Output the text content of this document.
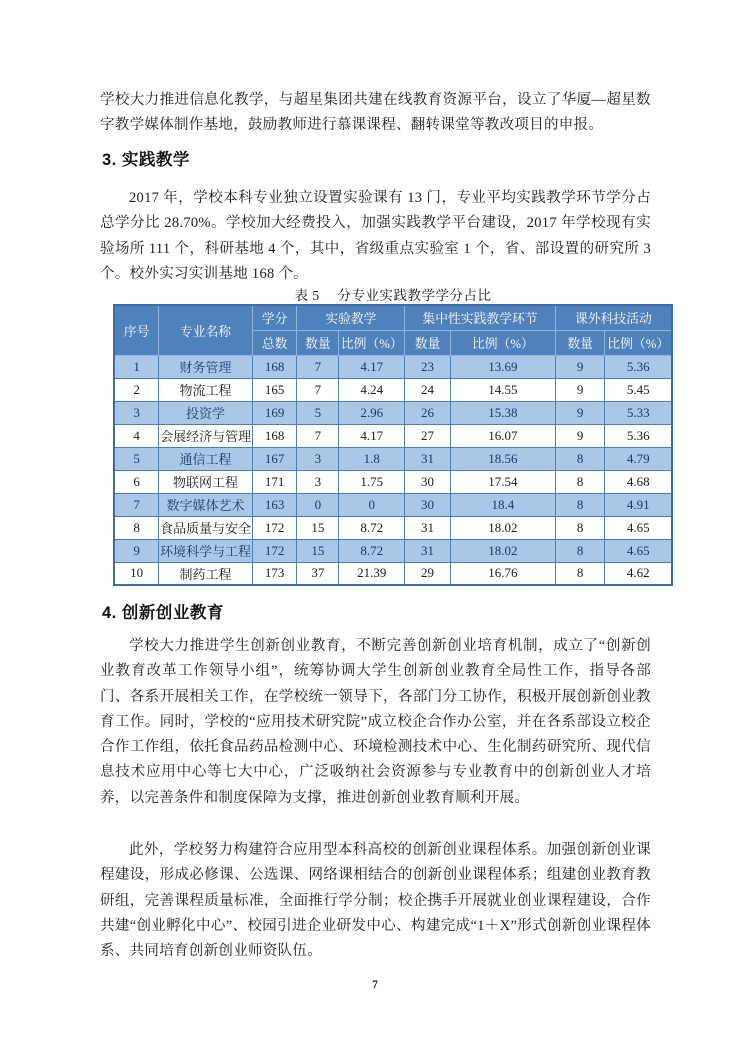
学校大力推进信息化教学，与超星集团共建在线教育资源平台，设立了华厦—超星数字教学媒体制作基地，鼓励教师进行慕课课程、翻转课堂等教改项目的申报。

3. 实践教学

2017 年，学校本科专业独立设置实验课有 13 门，专业平均实践教学环节学分占总学分比 28.70%。学校加大经费投入，加强实践教学平台建设，2017 年学校现有实验场所 111 个，科研基地 4 个，其中，省级重点实验室 1 个，省、部设置的研究所 3 个。校外实习实训基地 168 个。

表 5　 分专业实践教学学分占比
序号	专业名称	学分	实验教学		集中性实践教学环节		课外科技活动	
		总数	数量	比例（%）	数量	比例（%）	数量	比例（%）
1	财务管理	168	7	4.17	23	13.69	9	5.36
2	物流工程	165	7	4.24	24	14.55	9	5.45
3	投资学	169	5	2.96	26	15.38	9	5.33
4	会展经济与管理	168	7	4.17	27	16.07	9	5.36
5	通信工程	167	3	1.8	31	18.56	8	4.79
6	物联网工程	171	3	1.75	30	17.54	8	4.68
7	数字媒体艺术	163	0	0	30	18.4	8	4.91
8	食品质量与安全	172	15	8.72	31	18.02	8	4.65
9	环境科学与工程	172	15	8.72	31	18.02	8	4.65
10	制药工程	173	37	21.39	29	16.76	8	4.62
4. 创新创业教育

学校大力推进学生创新创业教育，不断完善创新创业培育机制，成立了“创新创业教育改革工作领导小组”，统筹协调大学生创新创业教育全局性工作，指导各部门、各系开展相关工作，在学校统一领导下，各部门分工协作，积极开展创新创业教育工作。同时，学校的“应用技术研究院”成立校企合作办公室，并在各系部设立校企合作工作组，依托食品药品检测中心、环境检测技术中心、生化制药研究所、现代信息技术应用中心等七大中心，广泛吸纳社会资源参与专业教育中的创新创业人才培养，以完善条件和制度保障为支撑，推进创新创业教育顺利开展。

此外，学校努力构建符合应用型本科高校的创新创业课程体系。加强创新创业课程建设，形成必修课、公选课、网络课相结合的创新创业课程体系；组建创业教育教研组，完善课程质量标准，全面推行学分制；校企携手开展就业创业课程建设，合作共建“创业孵化中心”、校园引进企业研发中心、构建完成“1＋X”形式创新创业课程体系、共同培育创新创业师资队伍。

7
